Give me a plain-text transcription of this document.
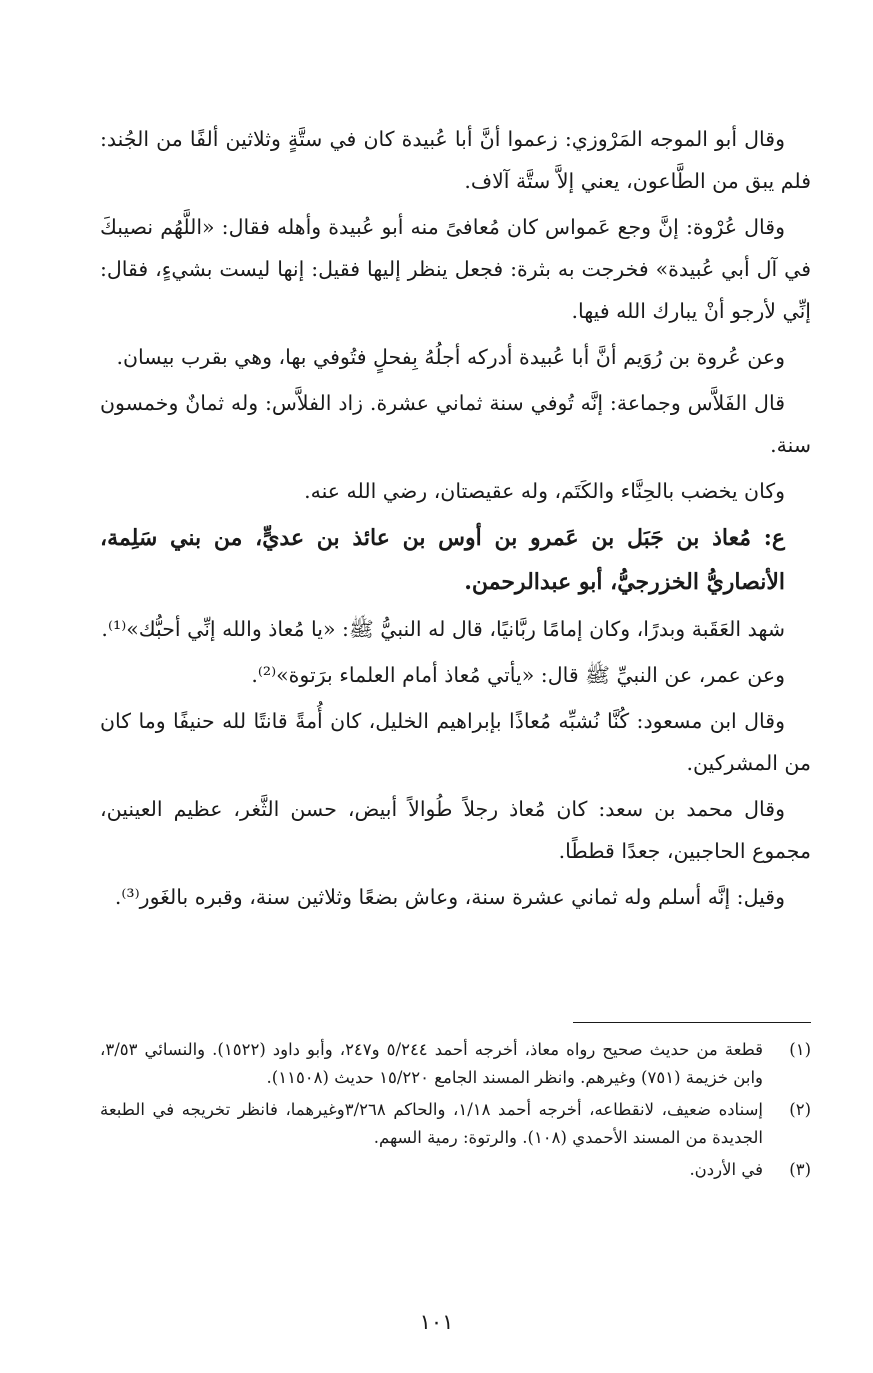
وقال أبو الموجه المَرْوزي: زعموا أنَّ أبا عُبيدة كان في ستَّةٍ وثلاثين ألفًا من الجُند: فلم يبق من الطَّاعون، يعني إلاَّ ستَّة آلاف.

وقال عُرْوة: إنَّ وجع عَمواس كان مُعافىً منه أبو عُبيدة وأهله فقال: «اللَّهُم نصيبكَ في آل أبي عُبيدة» فخرجت به بثرة: فجعل ينظر إليها فقيل: إنها ليست بشيءٍ، فقال: إنِّي لأرجو أنْ يبارك الله فيها.

وعن عُروة بن رُوَيم أنَّ أبا عُبيدة أدركه أجلُهُ بِفحلٍ فتُوفي بها، وهي بقرب بيسان.

قال الفَلاَّس وجماعة: إنَّه تُوفي سنة ثماني عشرة. زاد الفلاَّس: وله ثمانٌ وخمسون سنة.

وكان يخضب بالحِنَّاء والكَتَم، وله عقيصتان، رضي الله عنه.

ع: مُعاذ بن جَبَل بن عَمرو بن أوس بن عائذ بن عديٍّ، من بني سَلِمة، الأنصاريُّ الخزرجيُّ، أبو عبدالرحمن.

شهد العَقَبة وبدرًا، وكان إمامًا ربَّانيًا، قال له النبيُّ ﷺ: «يا مُعاذ والله إنِّي أحبُّك»⁽¹⁾.

وعن عمر، عن النبيِّ ﷺ قال: «يأتي مُعاذ أمام العلماء برَتوة»⁽²⁾.

وقال ابن مسعود: كُنَّا نُشبِّه مُعاذًا بإبراهيم الخليل، كان أُمةً قانتًا لله حنيفًا وما كان من المشركين.

وقال محمد بن سعد: كان مُعاذ رجلاً طُوالاً أبيض، حسن الثَّغر، عظيم العينين، مجموع الحاجبين، جعدًا قططًا.

وقيل: إنَّه أسلم وله ثماني عشرة سنة، وعاش بضعًا وثلاثين سنة، وقبره بالغَور⁽³⁾.

(١)
قطعة من حديث صحيح رواه معاذ، أخرجه أحمد ٥/٢٤٤ و٢٤٧، وأبو داود (١٥٢٢). والنسائي ٣/٥٣، وابن خزيمة (٧٥١) وغيرهم. وانظر المسند الجامع ١٥/٢٢٠ حديث (١١٥٠٨).
(٢)
إسناده ضعيف، لانقطاعه، أخرجه أحمد ١/١٨، والحاكم ٣/٢٦٨وغيرهما، فانظر تخريجه في الطبعة الجديدة من المسند الأحمدي (١٠٨). والرتوة: رمية السهم.
(٣)
في الأردن.
١٠١
